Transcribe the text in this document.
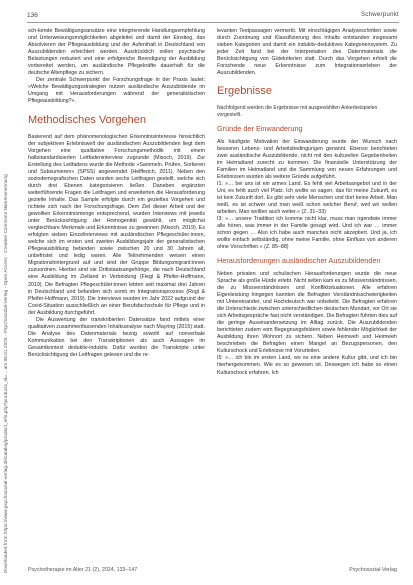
136	Schwerpunkt
Downloaded from https://www.psychosozial-verlag.de/catalog/product_info.php?products_id=... am 06.01.2025 - Psychosozial-Verlag - Open Access - Creative Commons Namensnennung

sch-kende Bewältigungsansätze eine integrierende Handlungsempfehlung und Unterweisungsmöglichkeiten abgeleitet und damit der Einstieg, das Absolvieren der Pflegeausbildung und der Aufenthalt in Deutschland von Auszubildenden erleichtert werden. Ausdrücklich sollen psychische Belastungen reduziert und eine erfolgreiche Beendigung der Ausbildung vorbereitet werden, um ausländische Pflegekräfte dauerhaft für die deutsche Altenpflege zu sichern.

Der zentrale Schwerpunkt der Forschungsfrage in der Praxis lautet: »Welche Bewältigungsstrategien nutzen ausländische Auszubildende im Umgang mit Herausforderungen während der generalistischen Pflegeausbildung?«.

Methodisches Vorgehen

Basierend auf dem phänomenologischen Erkenntnisinteresse hinsichtlich der subjektiven Erlebniswelt der ausländischen Auszubildenden liegt dem Vorgehen eine qualitative Forschungsmethodik mit einem halbstandardisierten Leitfadeninterview zugrunde (Misoch, 2019). Zur Erstellung des Leitfadens wurde die Methode »Sammeln, Prüfen, Sortieren und Subsumieren« (SPSS) angewendet (Helfferich, 2011). Neben den soziodemografischen Daten wurden sechs Leitfragen gestellt, welche sich durch drei Ebenen kategorisieren ließen. Daneben ergänzten weiterführende Fragen die Leitfragen und erweiterten die Herausforderung gezielte Inhalte. Das Sample erfolgte durch ein gezieltes Vorgehen und richtete sich nach der Forschungsfrage. Dem Ziel dieser Arbeit und der gewollten Erkenntnismenge entsprechend, wurden Interviews mit jeweils unter Berücksichtigung der Homogenität gewählt, um möglichst vergleichbare Merkmale und Erkenntnisse zu gewinnen (Misoch, 2019). Es erfolgten sieben Einzelinterviews mit ausländischen Pflegeschüler:innen, welche sich im ersten und zweiten Ausbildungsjahr der generalistischen Pflegeausbildung befanden sowie zwischen 20 und 30 Jahren alt, unbefristet und ledig waren. Alle Teilnehmenden weisen einen Migrationshintergrund auf und sind der Gruppe Bildungsmigrant:innen zuzuordnen. Hierbei sind sie Drittstaatsangehörige, die nach Deutschland eine Ausbildung im Zielland in Verbindung (Fiegl & Pfeifer-Hoffmann, 2019). Die Befragten Pflegeschüler:innen lebten seit maximal drei Jahren in Deutschland und befanden sich somit im Integrationsprozess (Rogl & Pfeifer-Hoffmann, 2019). Die Interviews wurden im Jahr 2022 aufgrund der Covid-Situation ausschließlich an einer Berufsfachschule für Pflege und in der Ausbildung durchgeführt.

Die Auswertung der transkribierten Datensätze fand mittels einer qualitativen zusammenfassenden Inhaltsanalyse nach Mayring (2015) statt. Die Analyse des Datenmaterials bezog sowohl auf nonverbale Kommunikation bei den Transkriptionen als auch Aussagen im Gesamtkontext deduktiv-induktiv. Dafür wurden die Transkripte unter Berücksichtigung der Leitfragen gelesen und die re-

levanten Textpassagen vermerkt. Mit einschlägigen Analyseschritten sowie durch Zuordnung und Klassifizierung des Inhalts entstanden insgesamt sieben Kategorien und damit ein induktiv-deduktives Kategoriensystem. Zu jeder Zeit fand bei der Interpretation des Datenmaterials die Berücksichtigung von Gütekriterien statt. Durch das Vorgehen erhielt die Forschende neue Erkenntnisse zum Integrationserleben der Auszubildenden.

Ergebnisse
Nachfolgend werden die Ergebnisse mit ausgewählten Ankerbeispielen vorgestellt.
Gründe der Einwanderung

Als häufigste Motivation der Einwanderung wurde der Wunsch nach besseren Lebens- und Arbeitsbedingungen genannt. Ebenso berichteten zwei ausländische Auszubildende, nicht mit den kulturellen Gegebenheiten im Heimatland zurecht zu kommen. Die finanzielle Unterstützung der Familien im Heimatland und die Sammlung von neuen Erfahrungen und Erlebnissen wurden als weitere Gründe aufgeführt.

I1: »… bei uns ist ein armes Land. Es fehlt viel Arbeitsangebot und in der Uni, es fehlt auch viel Platz. Ich wollte so sagen, das für meine Zukunft, es ist kein Zukunft dort. Es gibt sehr viele Menschen und dort keine Arbeit. Man weiß, es ist schwer und man weiß schon welcher Beruf, weil wir wollen arbeiten, Man wollten auch weiter.« (Z. 31–33)

I3: »… unsere Tradition ich komme nicht klar, muss man irgendwie immer alle hören, was immer in der Familie gesagt wird. Und ich war … immer schon gegen … Also ich habe auch manches nicht akzeptiert. Und ja, ich wollte einfach selbständig, ohne meine Familie, ohne Einfluss von anderen ohne Vorschriften.« (Z. 85–88)

Herausforderungen ausländischer Auszubildenden

Neben privaten und schulischen Herausforderungen wurde die neue Sprache als große Hürde erlebt. Nicht selten kam es zu Missverständnissen, die zu Missverständnissen und Konfliktsituationen. Alle erfahren Eigenleistung hingegen kannten die Befragten Verständnisschwierigkeiten mit Untereinander, und Hochdeutsch war unbeliebt. Die Befragten erfahren die Unterschiede zwischen unterschiedlichen deutschen Mundart, vor Ort sie sich Arbeitsgespräche fast nicht verständigen. Die Befragten führten dies auf die geringe Auseinandersetzung im Alltag zurück. Die Auszubildenden berichteten zudem vom Begegnungsfeldern sowie fehlender Möglichkeit der Ausbildung ihren Wohnort zu sichern. Neben Heimweh und Heimweh beschrieben die Befragten einen Mangel an Bezugspersonen, den Kulturschock und Erlebnisse mit Vorurteilen.

I5: »… ich bin im ersten Land, wo es eine andere Kultur gibt, und ich bin hierhergekommen. Wie es so gewesen ist. Deswegen ich habe so einen Kulturschock erfahren. Ich

Psychotherapie im Alter 21 (2), 2024, 133–147	Psychosozial-Verlag
